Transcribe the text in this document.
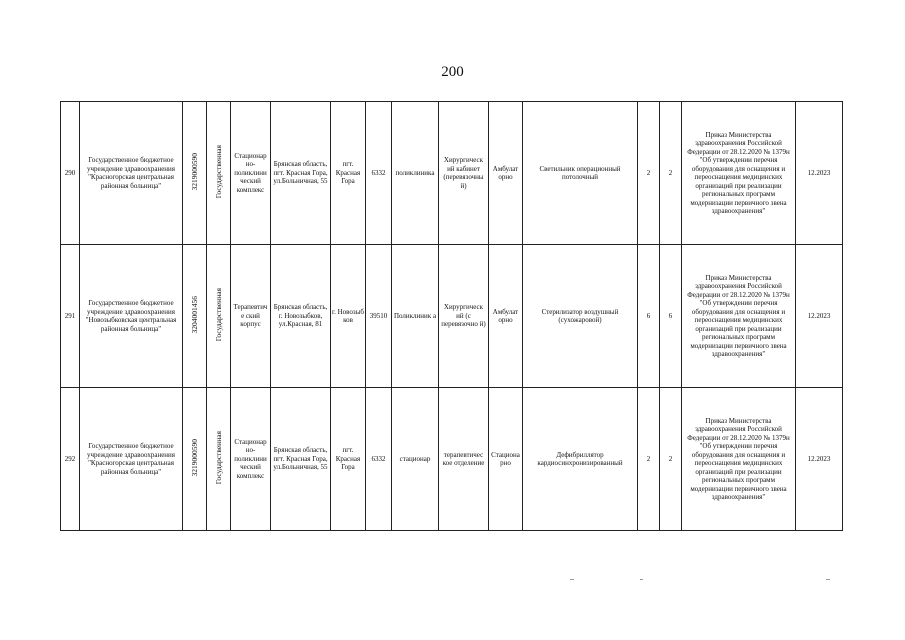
200
290	Государственное бюджетное учреждение здравоохранения "Красногорская центральная районная больница"	3219000590	Государственная	Стационар но-поликлини ческий комплекс	Брянская область, пгт. Красная Гора, ул.Больничная, 55	пгт. Красная Гора	6332	поликлиника	Хирургическ ий кабинет (перевязочны й)	Амбулат орно	Светильник операционный потолочный	2	2	Приказ Министерства здравоохранения Российской Федерации от 28.12.2020 № 1379н "Об утверждении перечня оборудования для оснащения и переоснащения медицинских организаций при реализации региональных программ модернизации первичного звена здравоохранения"	12.2023
291	Государственное бюджетное учреждение здравоохранения "Новозыбковская центральная районная больница"	3204001456	Государственная	Терапевтиче ский корпус	Брянская область, г. Новозыбков, ул.Красная, 81	г. Новозыб ков	39510	Поликлиник а	Хирургическ ий (с перевязочно й)	Амбулат орно	Стерилизатор воздушный (сухожаровой)	6	6	Приказ Министерства здравоохранения Российской Федерации от 28.12.2020 № 1379н "Об утверждении перечня оборудования для оснащения и переоснащения медицинских организаций при реализации региональных программ модернизации первичного звена здравоохранения"	12.2023
292	Государственное бюджетное учреждение здравоохранения "Красногорская центральная районная больница"	3219000590	Государственная	Стационар но-поликлини ческий комплекс	Брянская область, пгт. Красная Гора, ул.Больничная, 55	пгт. Красная Гора	6332	стационар	терапевтичес кое отделение	Стациона рно	Дефибриллятор кардиосинхронизированный	2	2	Приказ Министерства здравоохранения Российской Федерации от 28.12.2020 № 1379н "Об утверждении перечня оборудования для оснащения и переоснащения медицинских организаций при реализации региональных программ модернизации первичного звена здравоохранения"	12.2023
